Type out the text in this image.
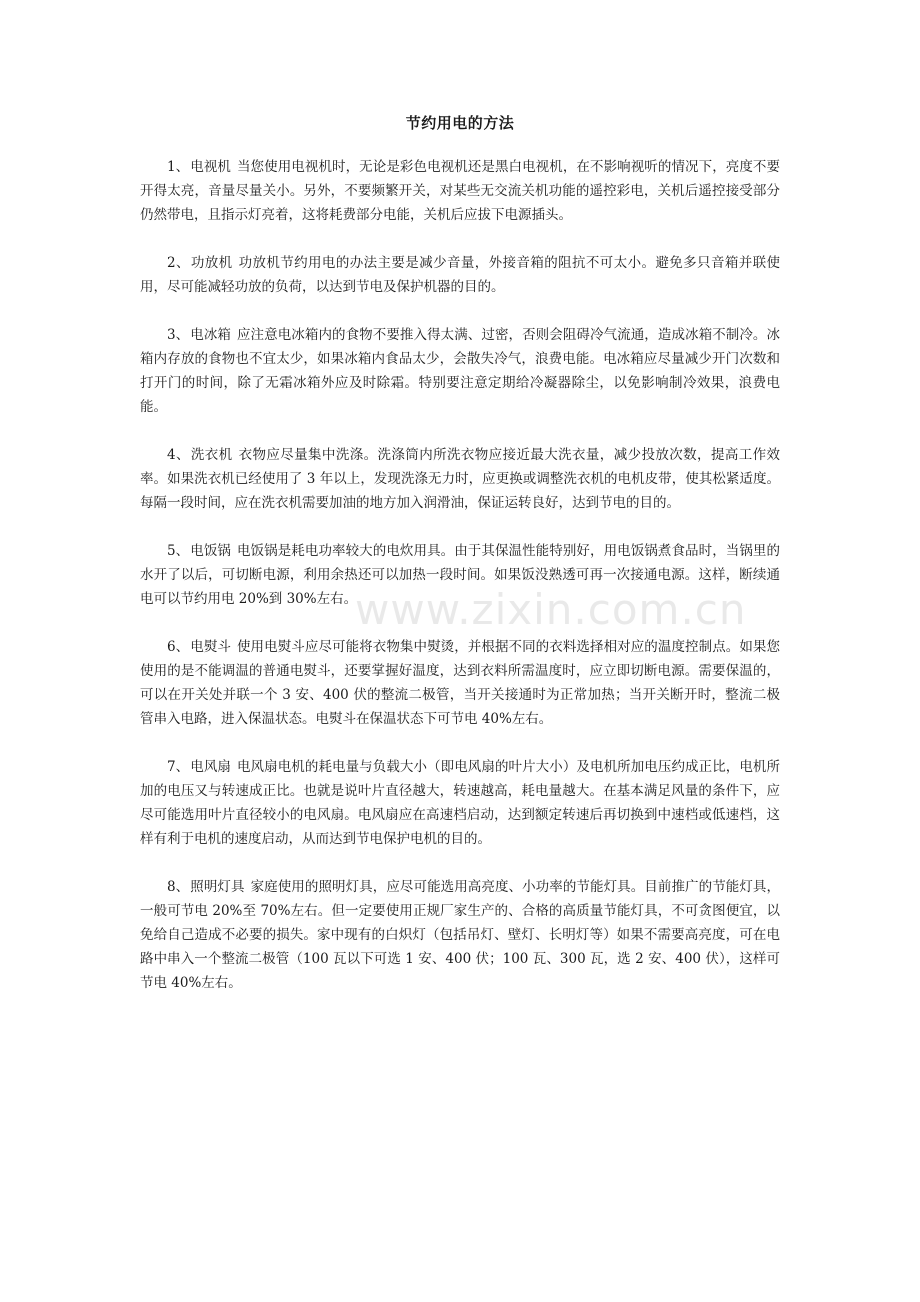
www.zixin.com.cn
节约用电的方法

1、电视机 当您使用电视机时，无论是彩色电视机还是黑白电视机，在不影响视听的情况下，亮度不要开得太亮，音量尽量关小。另外，不要频繁开关，对某些无交流关机功能的遥控彩电，关机后遥控接受部分仍然带电，且指示灯亮着，这将耗费部分电能，关机后应拔下电源插头。

2、功放机 功放机节约用电的办法主要是减少音量，外接音箱的阻抗不可太小。避免多只音箱并联使用，尽可能减轻功放的负荷，以达到节电及保护机器的目的。

3、电冰箱 应注意电冰箱内的食物不要推入得太满、过密，否则会阻碍冷气流通，造成冰箱不制冷。冰箱内存放的食物也不宜太少，如果冰箱内食品太少，会散失冷气，浪费电能。电冰箱应尽量减少开门次数和打开门的时间，除了无霜冰箱外应及时除霜。特别要注意定期给冷凝器除尘，以免影响制冷效果，浪费电能。

4、洗衣机 衣物应尽量集中洗涤。洗涤筒内所洗衣物应接近最大洗衣量，减少投放次数，提高工作效率。如果洗衣机已经使用了 3 年以上，发现洗涤无力时，应更换或调整洗衣机的电机皮带，使其松紧适度。每隔一段时间，应在洗衣机需要加油的地方加入润滑油，保证运转良好，达到节电的目的。

5、电饭锅 电饭锅是耗电功率较大的电炊用具。由于其保温性能特别好，用电饭锅煮食品时，当锅里的水开了以后，可切断电源，利用余热还可以加热一段时间。如果饭没熟透可再一次接通电源。这样，断续通电可以节约用电 20%到 30%左右。

6、电熨斗 使用电熨斗应尽可能将衣物集中熨烫，并根据不同的衣料选择相对应的温度控制点。如果您使用的是不能调温的普通电熨斗，还要掌握好温度，达到衣料所需温度时，应立即切断电源。需要保温的，可以在开关处并联一个 3 安、400 伏的整流二极管，当开关接通时为正常加热；当开关断开时，整流二极管串入电路，进入保温状态。电熨斗在保温状态下可节电 40%左右。

7、电风扇 电风扇电机的耗电量与负载大小（即电风扇的叶片大小）及电机所加电压约成正比，电机所加的电压又与转速成正比。也就是说叶片直径越大，转速越高，耗电量越大。在基本满足风量的条件下，应尽可能选用叶片直径较小的电风扇。电风扇应在高速档启动，达到额定转速后再切换到中速档或低速档，这样有利于电机的速度启动，从而达到节电保护电机的目的。

8、照明灯具 家庭使用的照明灯具，应尽可能选用高亮度、小功率的节能灯具。目前推广的节能灯具，一般可节电 20%至 70%左右。但一定要使用正规厂家生产的、合格的高质量节能灯具，不可贪图便宜，以免给自己造成不必要的损失。家中现有的白炽灯（包括吊灯、壁灯、长明灯等）如果不需要高亮度，可在电路中串入一个整流二极管（100 瓦以下可选 1 安、400 伏；100 瓦、300 瓦，选 2 安、400 伏），这样可节电 40%左右。
